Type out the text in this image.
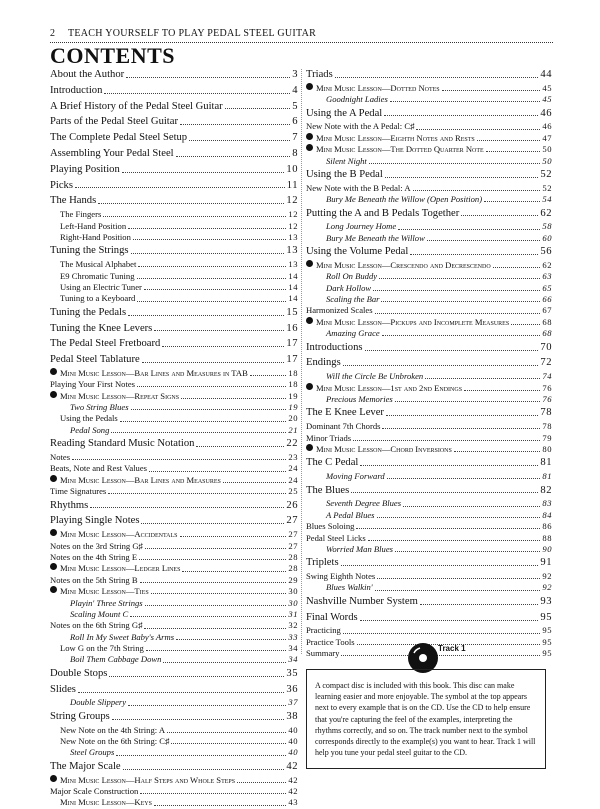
2 TEACH YOURSELF TO PLAY PEDAL STEEL GUITAR
CONTENTS
About the Author	3
Introduction	4
A Brief History of the Pedal Steel Guitar	5
Parts of the Pedal Steel Guitar	6
The Complete Pedal Steel Setup	7
Assembling Your Pedal Steel	8
Playing Position	10
Picks	11
The Hands	12
The Fingers	12
Left-Hand Position	12
Right-Hand Position	13
Tuning the Strings	13
The Musical Alphabet	13
E9 Chromatic Tuning	14
Using an Electric Tuner	14
Tuning to a Keyboard	14
Tuning the Pedals	15
Tuning the Knee Levers	16
The Pedal Steel Fretboard	17
Pedal Steel Tablature	17
Mini Music Lesson—Bar Lines and Measures in TAB	18
Playing Your First Notes	18
Mini Music Lesson—Repeat Signs	19
Two String Blues	19
Using the Pedals	20
Pedal Song	21
Reading Standard Music Notation	22
Notes	23
Beats, Note and Rest Values	24
Mini Music Lesson—Bar Lines and Measures	24
Time Signatures	25
Rhythms	26
Playing Single Notes	27
Mini Music Lesson—Accidentals	27
Notes on the 3rd String G♯	27
Notes on the 4th String E	28
Mini Music Lesson—Ledger Lines	28
Notes on the 5th String B	29
Mini Music Lesson—Ties	30
Playin' Three Strings	30
Scaling Mount C	31
Notes on the 6th String G♯	32
Roll In My Sweet Baby's Arms	33
Low G on the 7th String	34
Boil Them Cabbage Down	34
Double Stops	35
Slides	36
Double Slippery	37
String Groups	38
New Note on the 4th String: A	40
New Note on the 6th String: C♯	40
Steel Groups	40
The Major Scale	42
Mini Music Lesson—Half Steps and Whole Steps	42
Major Scale Construction	42
Mini Music Lesson—Keys	43
Triads	44
Mini Music Lesson—Dotted Notes	45
Goodnight Ladies	45
Using the A Pedal	46
New Note with the A Pedal: C♯	46
Mini Music Lesson—Eighth Notes and Rests	47
Mini Music Lesson—The Dotted Quarter Note	50
Silent Night	50
Using the B Pedal	52
New Note with the B Pedal: A	52
Bury Me Beneath the Willow (Open Position)	54
Putting the A and B Pedals Together	62
Long Journey Home	58
Bury Me Beneath the Willow	60
Using the Volume Pedal	56
Mini Music Lesson—Crescendo and Decrescendo	62
Roll On Buddy	63
Dark Hollow	65
Scaling the Bar	66
Harmonized Scales	67
Mini Music Lesson—Pickups and Incomplete Measures	68
Amazing Grace	68
Introductions	70
Endings	72
Will the Circle Be Unbroken	74
Mini Music Lesson—1st and 2nd Endings	76
Precious Memories	76
The E Knee Lever	78
Dominant 7th Chords	78
Minor Triads	79
Mini Music Lesson—Chord Inversions	80
The C Pedal	81
Moving Forward	81
The Blues	82
Seventh Degree Blues	83
A Pedal Blues	84
Blues Soloing	86
Pedal Steel Licks	88
Worried Man Blues	90
Triplets	91
Swing Eighth Notes	92
Blues Walkin'	92
Nashville Number System	93
Final Words	95
Practicing	95
Practice Tools	95
Summary	95
Track 1
A compact disc is included with this book. This disc can make learning easier and more enjoyable. The symbol at the top appears next to every example that is on the CD. Use the CD to help ensure that you're capturing the feel of the examples, interpreting the rhythms correctly, and so on. The track number next to the symbol corresponds directly to the example(s) you want to hear. Track 1 will help you tune your pedal steel guitar to the CD.
